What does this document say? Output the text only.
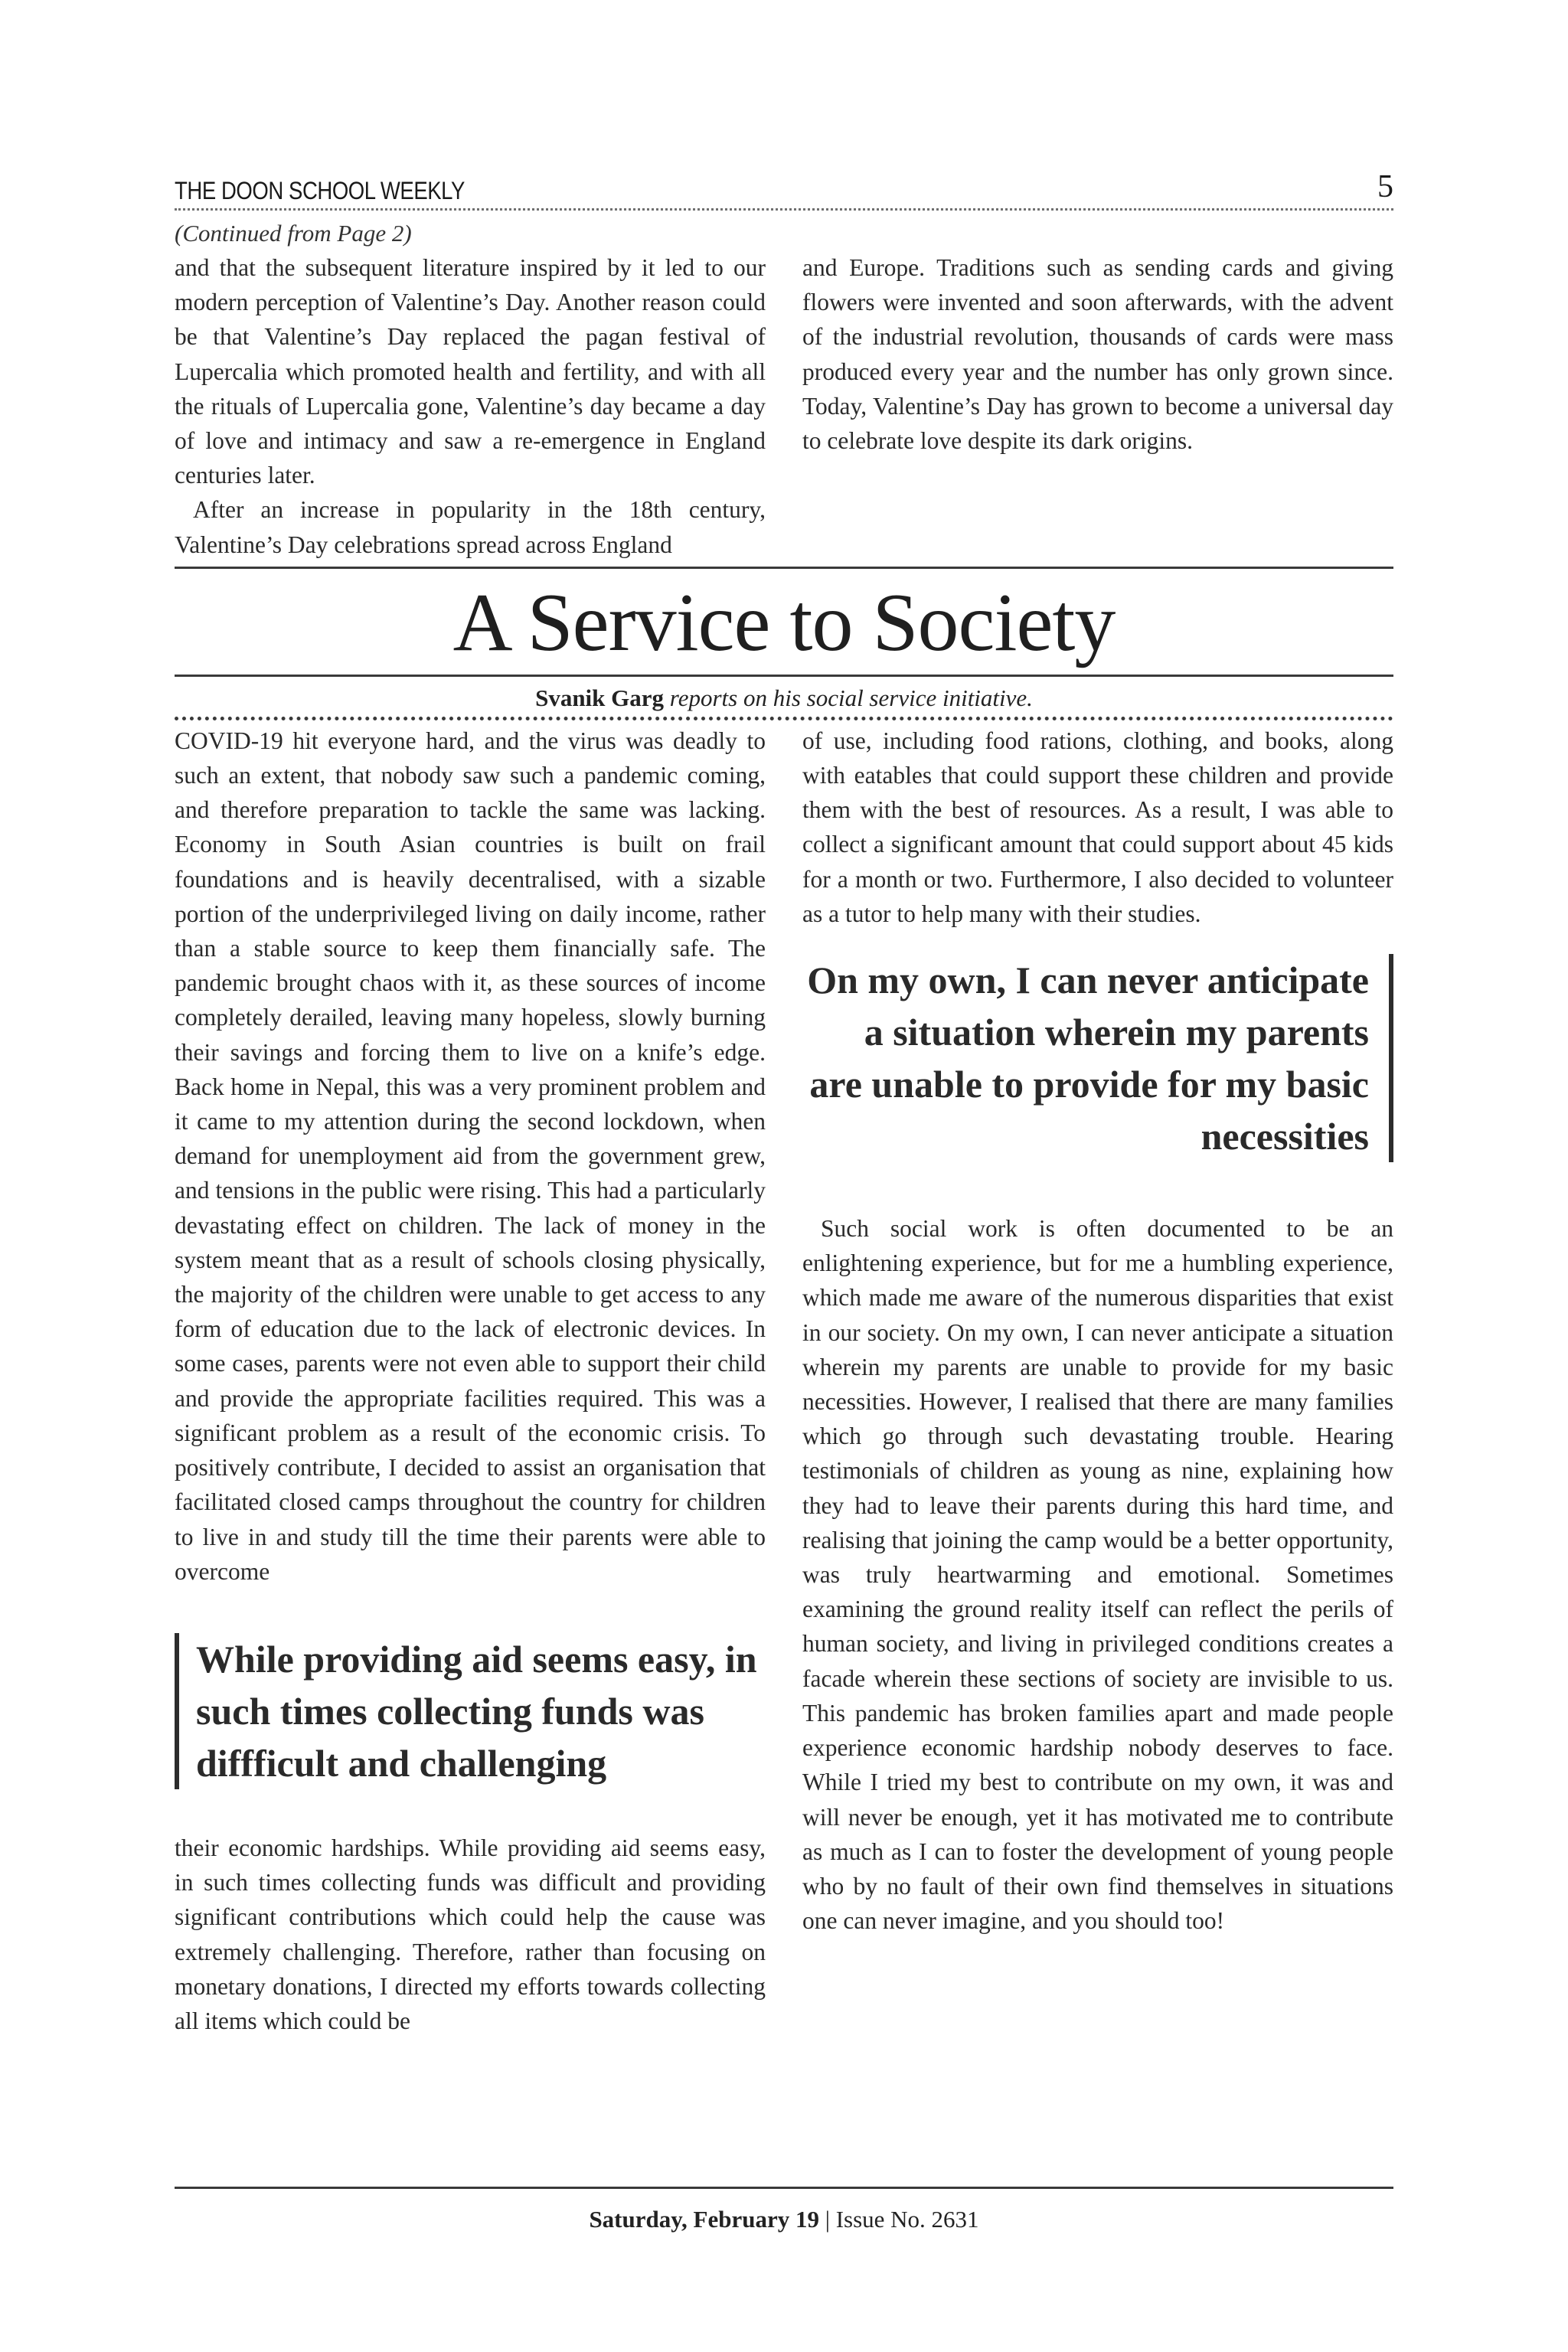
THE DOON SCHOOL WEEKLY	5
(Continued from Page 2)

and that the subsequent literature inspired by it led to our modern perception of Valentine’s Day. Another reason could be that Valentine’s Day replaced the pagan festival of Lupercalia which promoted health and fertility, and with all the rituals of Lupercalia gone, Valentine’s day became a day of love and intimacy and saw a re-emergence in England centuries later.

After an increase in popularity in the 18th century, Valentine’s Day celebrations spread across England

and Europe. Traditions such as sending cards and giving flowers were invented and soon afterwards, with the advent of the industrial revolution, thousands of cards were mass produced every year and the number has only grown since. Today, Valentine’s Day has grown to become a universal day to celebrate love despite its dark origins.

A Service to Society
Svanik Garg reports on his social service initiative.

COVID-19 hit everyone hard, and the virus was deadly to such an extent, that nobody saw such a pandemic coming, and therefore preparation to tackle the same was lacking. Economy in South Asian countries is built on frail foundations and is heavily decentralised, with a sizable portion of the underprivileged living on daily income, rather than a stable source to keep them financially safe. The pandemic brought chaos with it, as these sources of income completely derailed, leaving many hopeless, slowly burning their savings and forcing them to live on a knife’s edge. Back home in Nepal, this was a very prominent problem and it came to my attention during the second lockdown, when demand for unemployment aid from the government grew, and tensions in the public were rising. This had a particularly devastating effect on children. The lack of money in the system meant that as a result of schools closing physically, the majority of the children were unable to get access to any form of education due to the lack of electronic devices. In some cases, parents were not even able to support their child and provide the appropriate facilities required. This was a significant problem as a result of the economic crisis. To positively contribute, I decided to assist an organisation that facilitated closed camps throughout the country for children to live in and study till the time their parents were able to overcome

While providing aid seems easy, in such times collecting funds was diffficult and challenging

their economic hardships. While providing aid seems easy, in such times collecting funds was difficult and providing significant contributions which could help the cause was extremely challenging. Therefore, rather than focusing on monetary donations, I directed my efforts towards collecting all items which could be

of use, including food rations, clothing, and books, along with eatables that could support these children and provide them with the best of resources. As a result, I was able to collect a significant amount that could support about 45 kids for a month or two. Furthermore, I also decided to volunteer as a tutor to help many with their studies.

On my own, I can never anticipate a situation wherein my parents are unable to provide for my basic necessities

Such social work is often documented to be an enlightening experience, but for me a humbling experience, which made me aware of the numerous disparities that exist in our society. On my own, I can never anticipate a situation wherein my parents are unable to provide for my basic necessities. However, I realised that there are many families which go through such devastating trouble. Hearing testimonials of children as young as nine, explaining how they had to leave their parents during this hard time, and realising that joining the camp would be a better opportunity, was truly heartwarming and emotional. Sometimes examining the ground reality itself can reflect the perils of human society, and living in privileged conditions creates a facade wherein these sections of society are invisible to us. This pandemic has broken families apart and made people experience economic hardship nobody deserves to face. While I tried my best to contribute on my own, it was and will never be enough, yet it has motivated me to contribute as much as I can to foster the development of young people who by no fault of their own find themselves in situations one can never imagine, and you should too!

Saturday, February 19 | Issue No. 2631
